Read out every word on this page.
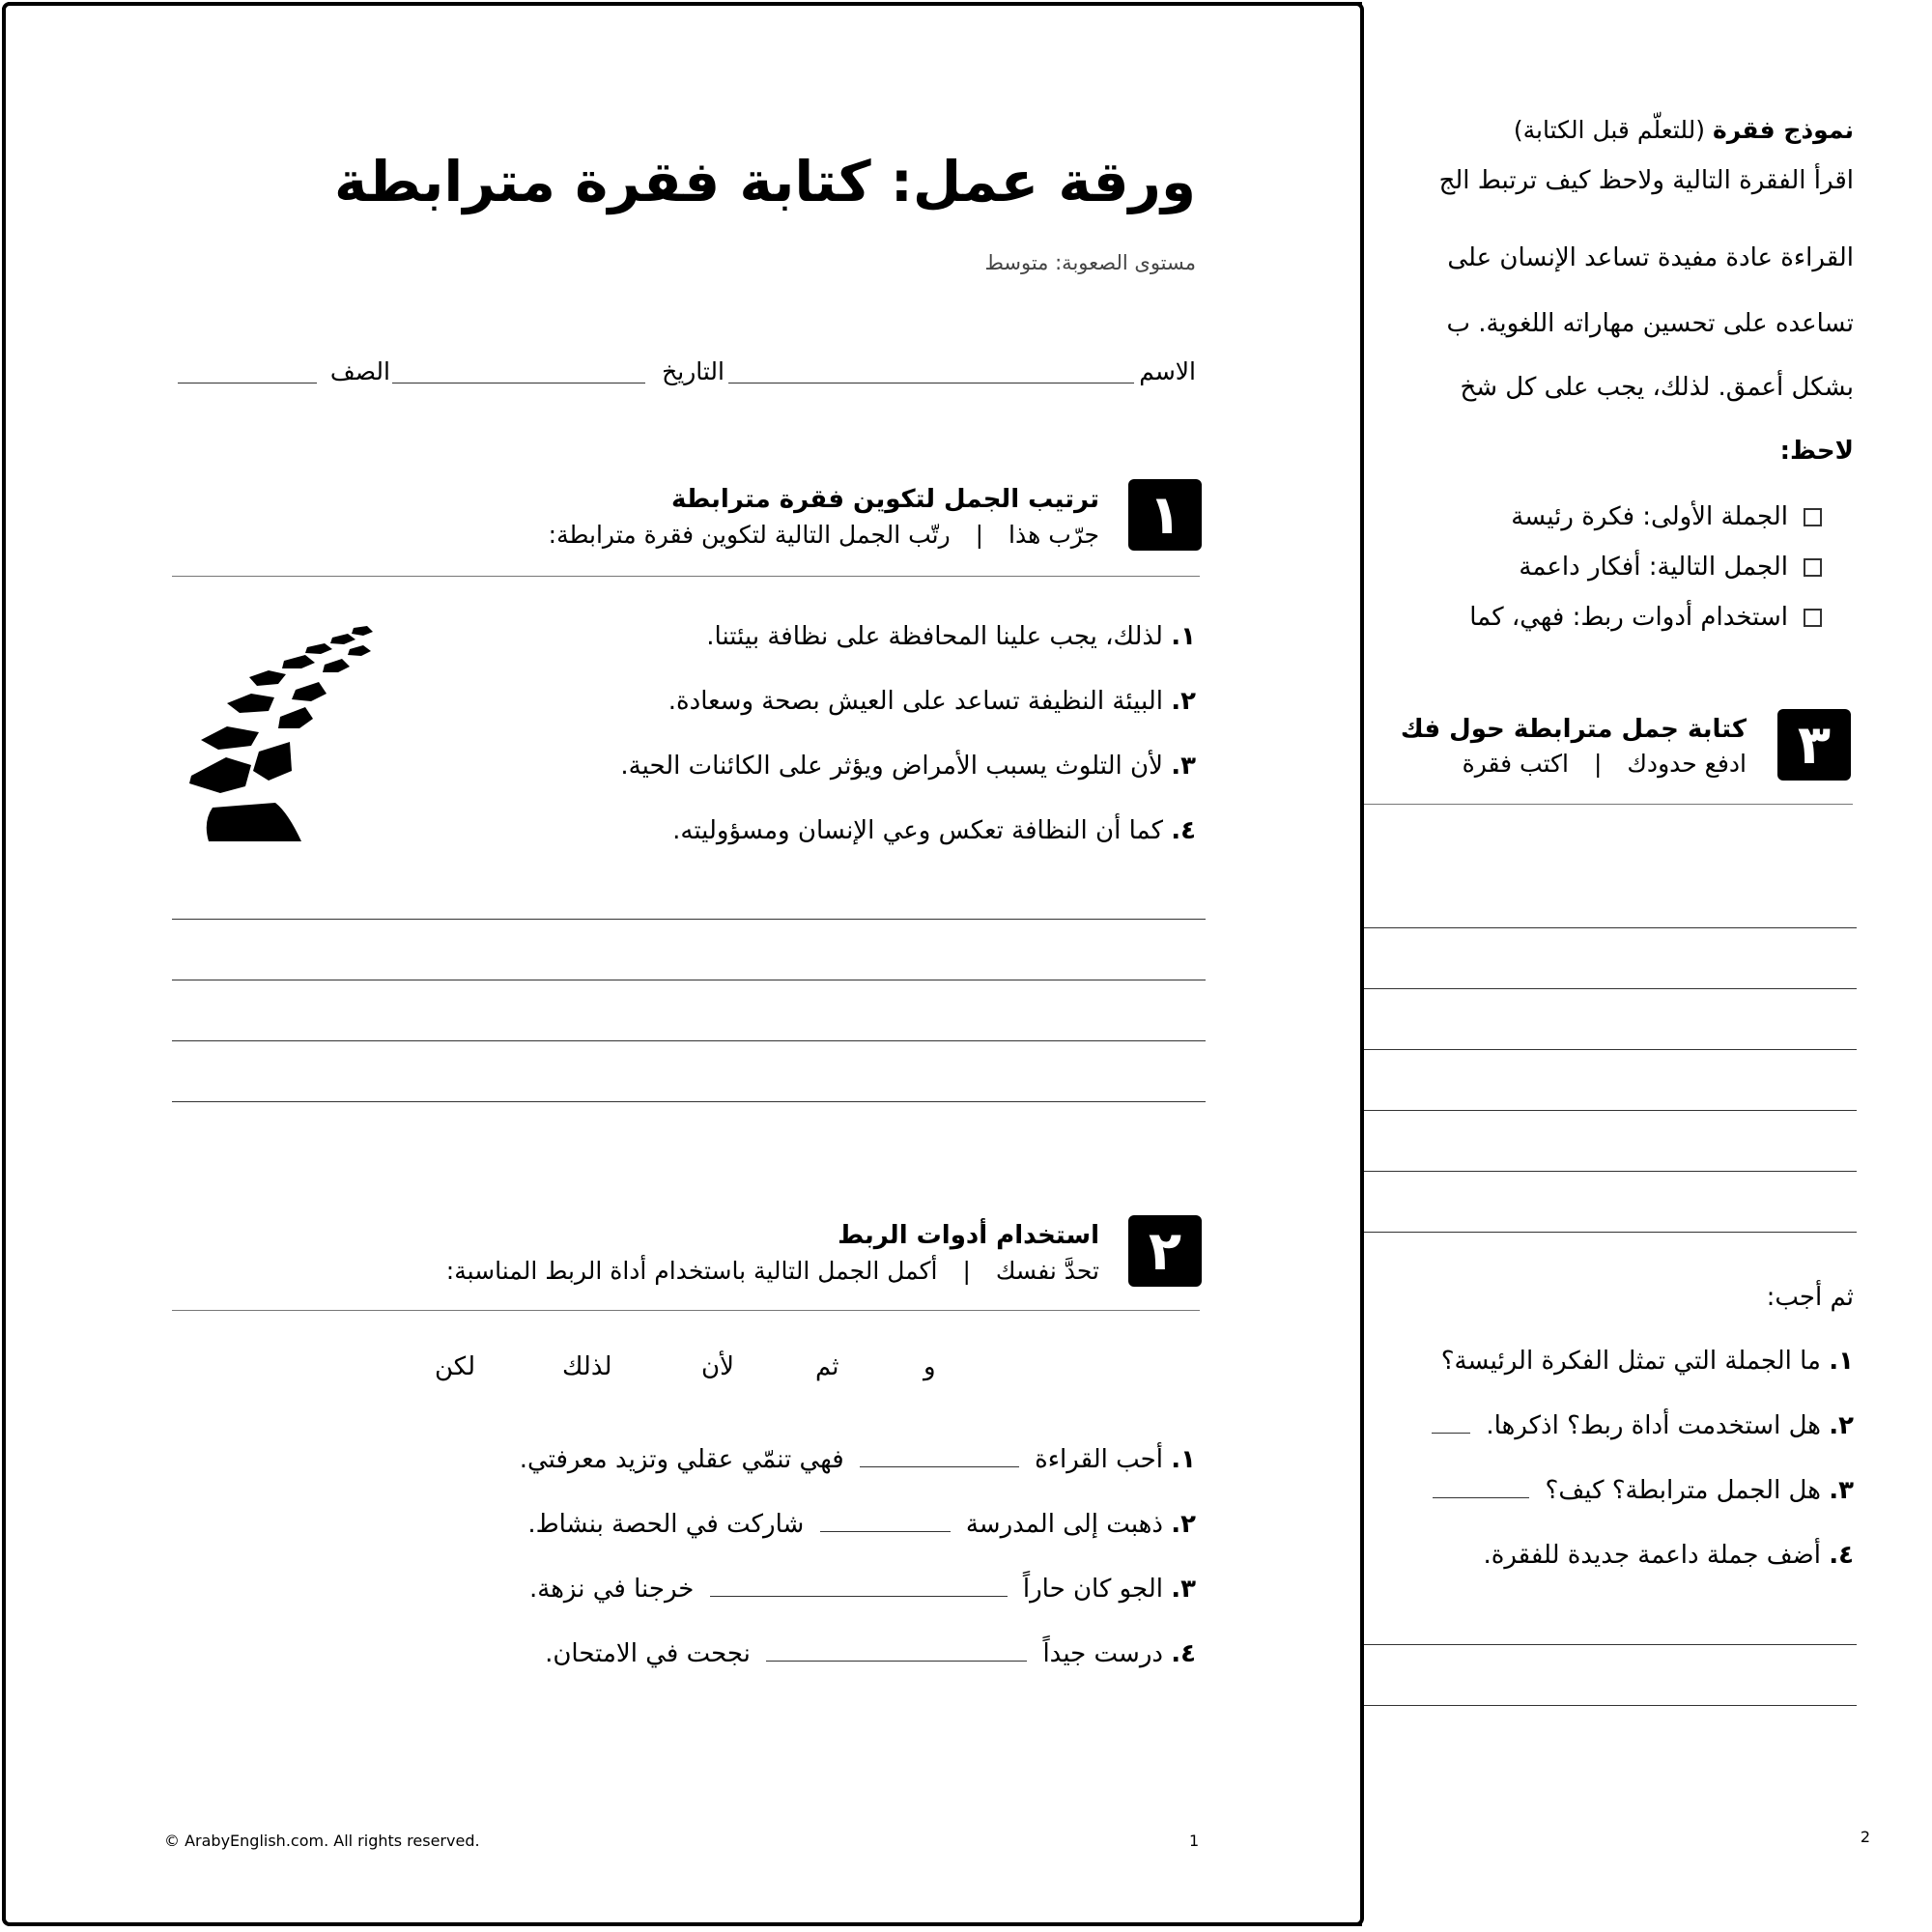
نموذج فقرة (للتعلّم قبل الكتابة)
اقرأ الفقرة التالية ولاحظ كيف ترتبط الج
القراءة عادة مفيدة تساعد الإنسان على
تساعده على تحسين مهاراته اللغوية. ب
بشكل أعمق. لذلك، يجب على كل شخ
لاحظ:
الجملة الأولى: فكرة رئيسة
الجمل التالية: أفكار داعمة
استخدام أدوات ربط: فهي، كما
٣
كتابة جمل مترابطة حول فك
ادفع حدودك | اكتب فقرة
ثم أجب:
١. ما الجملة التي تمثل الفكرة الرئيسة؟
٢. هل استخدمت أداة ربط؟ اذكرها.
٣. هل الجمل مترابطة؟ كيف؟
٤. أضف جملة داعمة جديدة للفقرة.
2
ورقة عمل: كتابة فقرة مترابطة
مستوى الصعوبة: متوسط
الاسم
التاريخ
الصف
١
ترتيب الجمل لتكوين فقرة مترابطة
جرّب هذا | رتّب الجمل التالية لتكوين فقرة مترابطة:
١. لذلك، يجب علينا المحافظة على نظافة بيئتنا.
٢. البيئة النظيفة تساعد على العيش بصحة وسعادة.
٣. لأن التلوث يسبب الأمراض ويؤثر على الكائنات الحية.
٤. كما أن النظافة تعكس وعي الإنسان ومسؤوليته.
٢
استخدام أدوات الربط
تحدَّ نفسك | أكمل الجمل التالية باستخدام أداة الربط المناسبة:
و
ثم
لأن
لذلك
لكن
١. أحب القراءة  فهي تنمّي عقلي وتزيد معرفتي.
٢. ذهبت إلى المدرسة  شاركت في الحصة بنشاط.
٣. الجو كان حاراً  خرجنا في نزهة.
٤. درست جيداً  نجحت في الامتحان.
© ArabyEnglish.com. All rights reserved.	1
